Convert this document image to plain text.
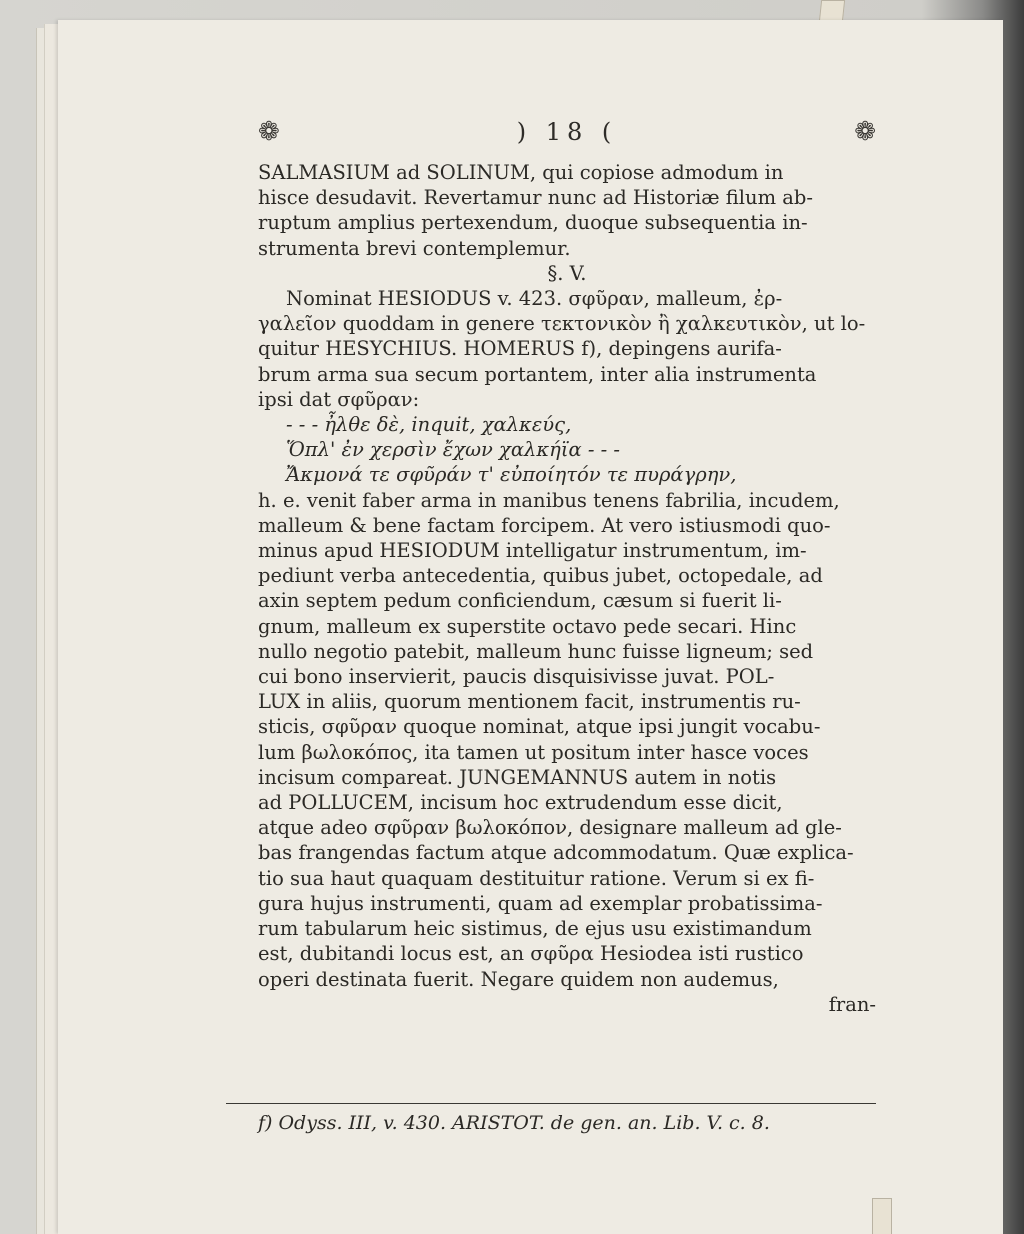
❁	) 18 (	❁

SALMASIUM ad SOLINUM, qui copiose admodum in

hisce desudavit. Revertamur nunc ad Historiæ filum ab-

ruptum amplius pertexendum, duoque subsequentia in-

strumenta brevi contemplemur.

§. V.

Nominat HESIODUS v. 423. σφῦραν, malleum, ἐρ-

γαλεῖον quoddam in genere τεκτονικὸν ἢ χαλκευτικὸν, ut lo-

quitur HESYCHIUS. HOMERUS f), depingens aurifa-

brum arma sua secum portantem, inter alia instrumenta

ipsi dat σφῦραν:

- - - ἦλθε δὲ, inquit, χαλκεύς,

Ὅπλ' ἐν χερσὶν ἔχων χαλκήϊα - - -

Ἄκμονά τε σφῦράν τ' εὐποίητόν τε πυράγρην,

h. e. venit faber arma in manibus tenens fabrilia, incudem,

malleum & bene factam forcipem. At vero istiusmodi quo-

minus apud HESIODUM intelligatur instrumentum, im-

pediunt verba antecedentia, quibus jubet, octopedale, ad

axin septem pedum conficiendum, cæsum si fuerit li-

gnum, malleum ex superstite octavo pede secari. Hinc

nullo negotio patebit, malleum hunc fuisse ligneum; sed

cui bono inservierit, paucis disquisivisse juvat. POL-

LUX in aliis, quorum mentionem facit, instrumentis ru-

sticis, σφῦραν quoque nominat, atque ipsi jungit vocabu-

lum βωλοκόπος, ita tamen ut positum inter hasce voces

incisum compareat. JUNGEMANNUS autem in notis

ad POLLUCEM, incisum hoc extrudendum esse dicit,

atque adeo σφῦραν βωλοκόπον, designare malleum ad gle-

bas frangendas factum atque adcommodatum. Quæ explica-

tio sua haut quaquam destituitur ratione. Verum si ex fi-

gura hujus instrumenti, quam ad exemplar probatissima-

rum tabularum heic sistimus, de ejus usu existimandum

est, dubitandi locus est, an σφῦρα Hesiodea isti rustico

operi destinata fuerit. Negare quidem non audemus,

fran-

f) Odyss. III, v. 430. ARISTOT. de gen. an. Lib. V. c. 8.
